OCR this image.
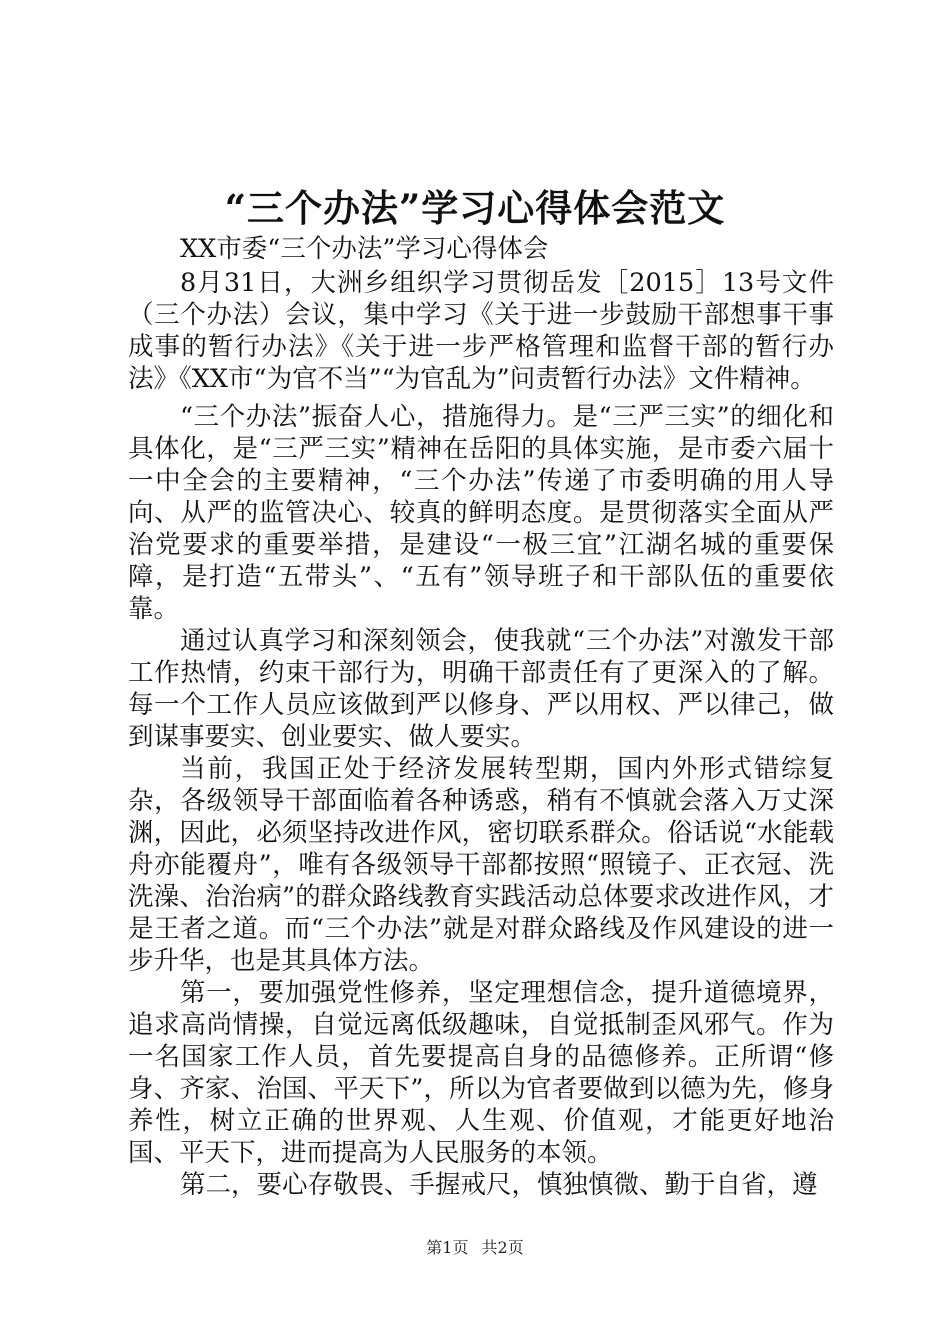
“三个办法”学习心得体会范文

XX市委“三个办法”学习心得体会

8月31日，大洲乡组织学习贯彻岳发［2015］13号文件（三个办法）会议，集中学习《关于进一步鼓励干部想事干事成事的暂行办法》《关于进一步严格管理和监督干部的暂行办法》《XX市“为官不当”“为官乱为”问责暂行办法》文件精神。

“三个办法”振奋人心，措施得力。是“三严三实”的细化和具体化，是“三严三实”精神在岳阳的具体实施，是市委六届十一中全会的主要精神，“三个办法”传递了市委明确的用人导向、从严的监管决心、较真的鲜明态度。是贯彻落实全面从严治党要求的重要举措，是建设“一极三宜”江湖名城的重要保障，是打造“五带头”、“五有”领导班子和干部队伍的重要依靠。

通过认真学习和深刻领会，使我就“三个办法”对激发干部工作热情，约束干部行为，明确干部责任有了更深入的了解。每一个工作人员应该做到严以修身、严以用权、严以律己，做到谋事要实、创业要实、做人要实。

当前，我国正处于经济发展转型期，国内外形式错综复杂，各级领导干部面临着各种诱惑，稍有不慎就会落入万丈深渊，因此，必须坚持改进作风，密切联系群众。俗话说“水能载舟亦能覆舟”，唯有各级领导干部都按照“照镜子、正衣冠、洗洗澡、治治病”的群众路线教育实践活动总体要求改进作风，才是王者之道。而“三个办法”就是对群众路线及作风建设的进一步升华，也是其具体方法。

第一，要加强党性修养，坚定理想信念，提升道德境界，追求高尚情操，自觉远离低级趣味，自觉抵制歪风邪气。作为一名国家工作人员，首先要提高自身的品德修养。正所谓“修身、齐家、治国、平天下”，所以为官者要做到以德为先，修身养性，树立正确的世界观、人生观、价值观，才能更好地治国、平天下，进而提高为人民服务的本领。

第二，要心存敬畏、手握戒尺，慎独慎微、勤于自省，遵

第1页 共2页
